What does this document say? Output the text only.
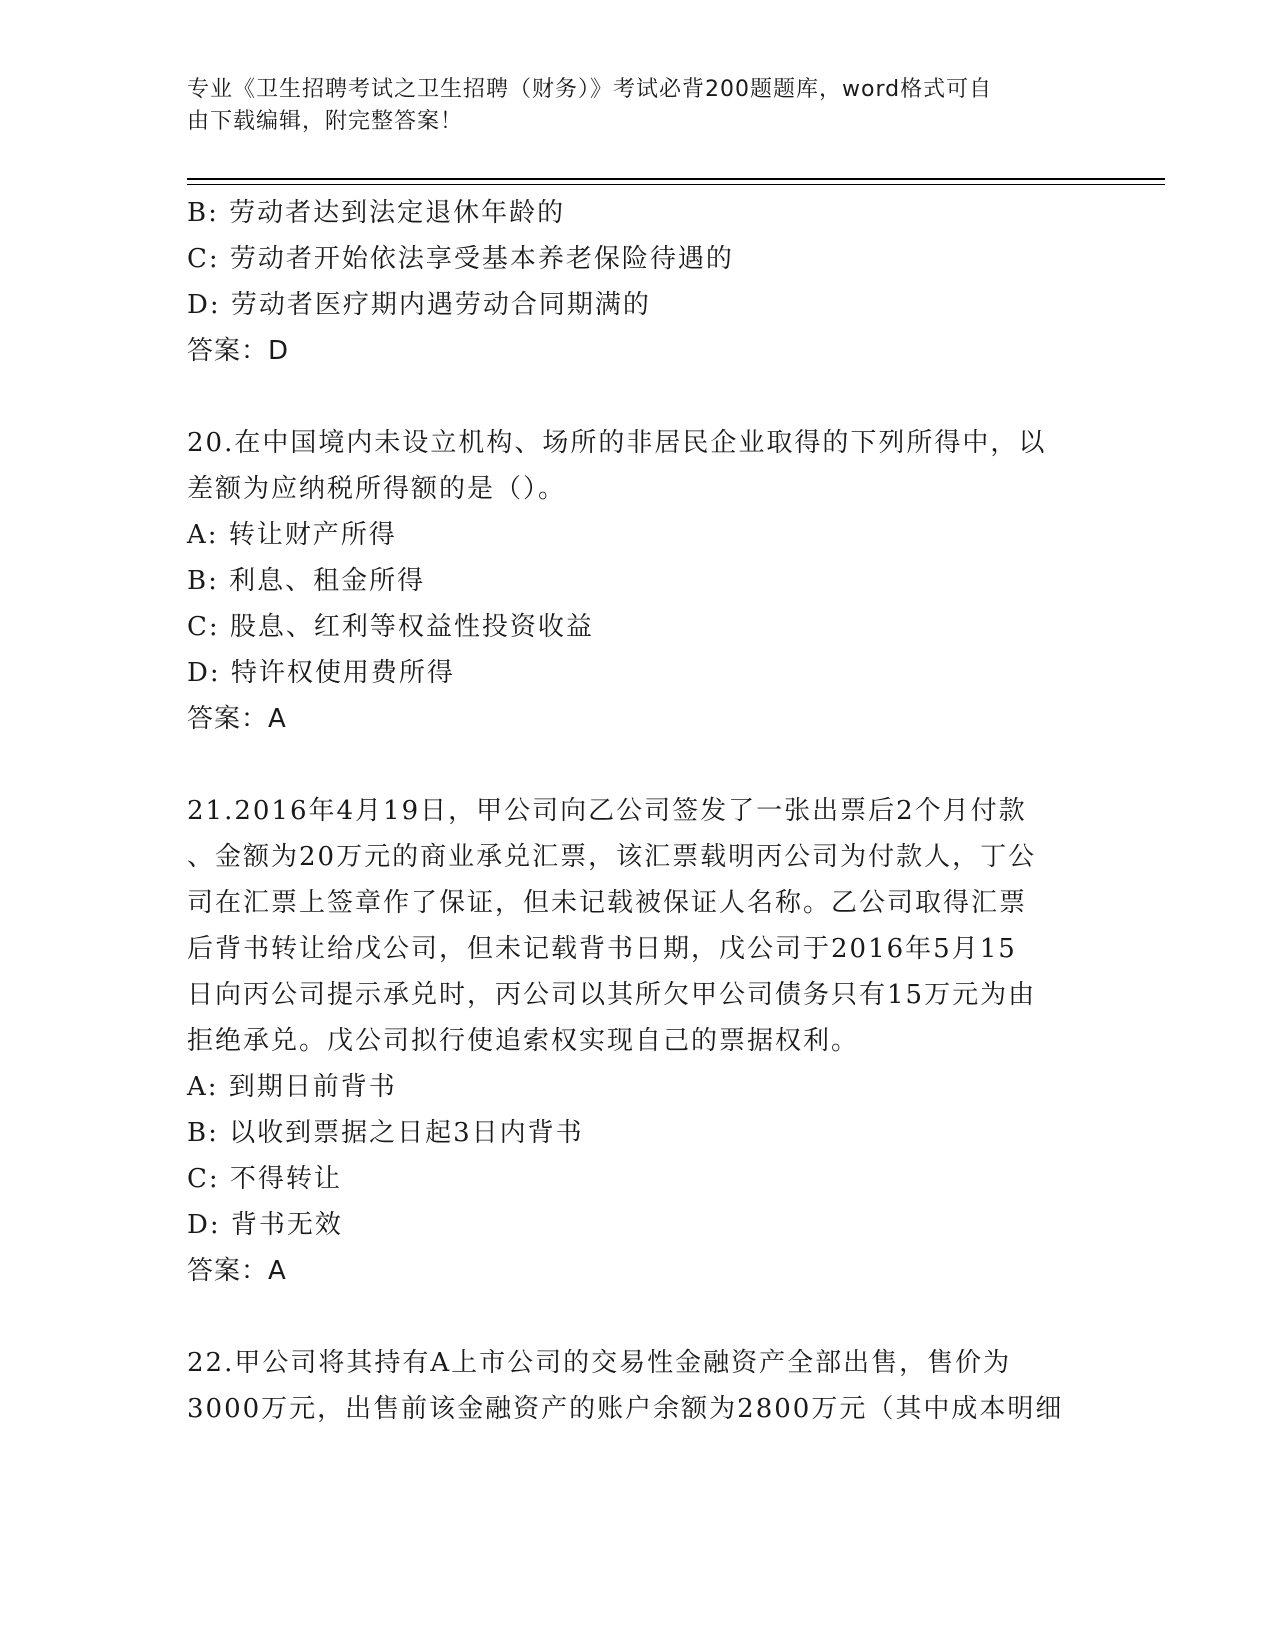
专业《卫生招聘考试之卫生招聘（财务）》考试必背200题题库，word格式可自
由下载编辑，附完整答案！
B: 劳动者达到法定退休年龄的
C: 劳动者开始依法享受基本养老保险待遇的
D: 劳动者医疗期内遇劳动合同期满的
答案：D
20.在中国境内未设立机构、场所的非居民企业取得的下列所得中，以
差额为应纳税所得额的是（）。
A: 转让财产所得
B: 利息、租金所得
C: 股息、红利等权益性投资收益
D: 特许权使用费所得
答案：A
21.2016年4月19日，甲公司向乙公司签发了一张出票后2个月付款
、金额为20万元的商业承兑汇票，该汇票载明丙公司为付款人，丁公
司在汇票上签章作了保证，但未记载被保证人名称。乙公司取得汇票
后背书转让给戊公司，但未记载背书日期，戊公司于2016年5月15
日向丙公司提示承兑时，丙公司以其所欠甲公司债务只有15万元为由
拒绝承兑。戊公司拟行使追索权实现自己的票据权利。
A: 到期日前背书
B: 以收到票据之日起3日内背书
C: 不得转让
D: 背书无效
答案：A
22.甲公司将其持有A上市公司的交易性金融资产全部出售，售价为
3000万元，出售前该金融资产的账户余额为2800万元（其中成本明细
